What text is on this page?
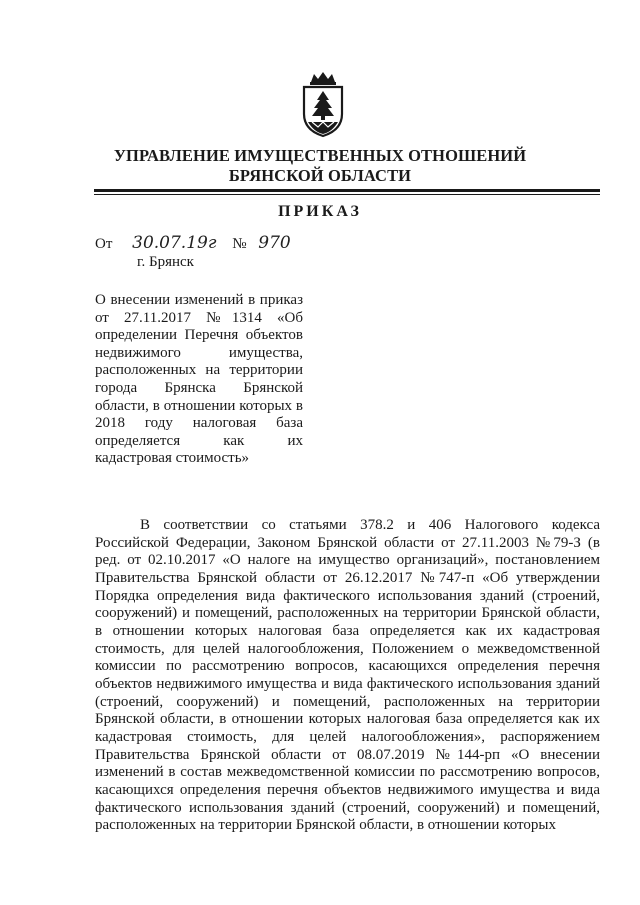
УПРАВЛЕНИЕ ИМУЩЕСТВЕННЫХ ОТНОШЕНИЙ
БРЯНСКОЙ ОБЛАСТИ
ПРИКАЗ
От 30.07.19г № 970
г. Брянск
О внесении изменений в приказ от 27.11.2017 №1314 «Об определении Перечня объектов недвижимого имущества, расположенных на территории города Брянска Брянской области, в отношении которых в 2018 году налоговая база определяется как их кадастровая стоимость»
В соответствии со статьями 378.2 и 406 Налогового кодекса Российской Федерации, Законом Брянской области от 27.11.2003 №79-З (в ред. от 02.10.2017 «О налоге на имущество организаций», постановлением Правительства Брянской области от 26.12.2017 №747-п «Об утверждении Порядка определения вида фактического использования зданий (строений, сооружений) и помещений, расположенных на территории Брянской области, в отношении которых налоговая база определяется как их кадастровая стоимость, для целей налогообложения, Положением о межведомственной комиссии по рассмотрению вопросов, касающихся определения перечня объектов недвижимого имущества и вида фактического использования зданий (строений, сооружений) и помещений, расположенных на территории Брянской области, в отношении которых налоговая база определяется как их кадастровая стоимость, для целей налогообложения», распоряжением Правительства Брянской области от 08.07.2019 №144-рп «О внесении изменений в состав межведомственной комиссии по рассмотрению вопросов, касающихся определения перечня объектов недвижимого имущества и вида фактического использования зданий (строений, сооружений) и помещений, расположенных на территории Брянской области, в отношении которых
